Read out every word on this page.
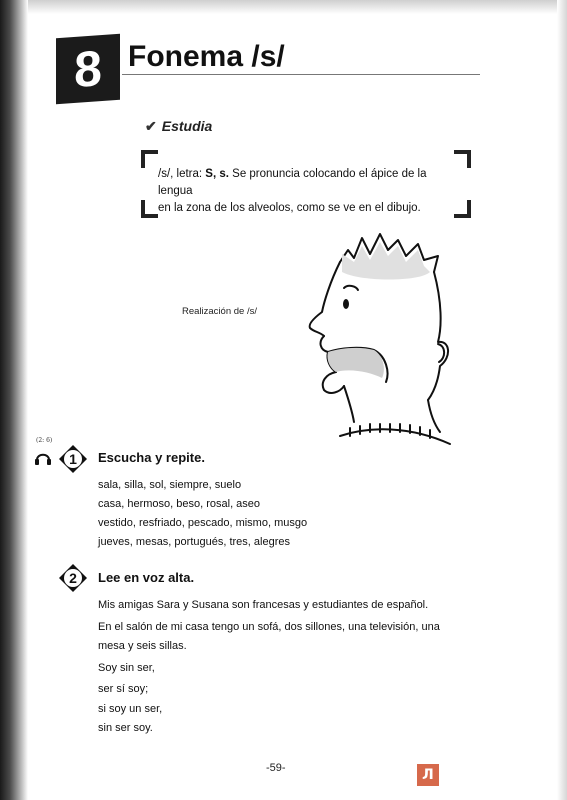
8 Fonema /s/
✔ Estudia
/s/, letra: S, s. Se pronuncia colocando el ápice de la lengua
en la zona de los alveolos, como se ve en el dibujo.
Realización de /s/
(2: 6)
1	Escucha y repite.
sala, silla, sol, siempre, suelo
casa, hermoso, beso, rosal, aseo
vestido, resfriado, pescado, mismo, musgo
jueves, mesas, portugués, tres, alegres
2	Lee en voz alta.
Mis amigas Sara y Susana son francesas y estudiantes de español.
En el salón de mi casa tengo un sofá, dos sillones, una televisión, una
mesa y seis sillas.
Soy sin ser,
ser sí soy;
si soy un ser,
sin ser soy.
-59-	Л
